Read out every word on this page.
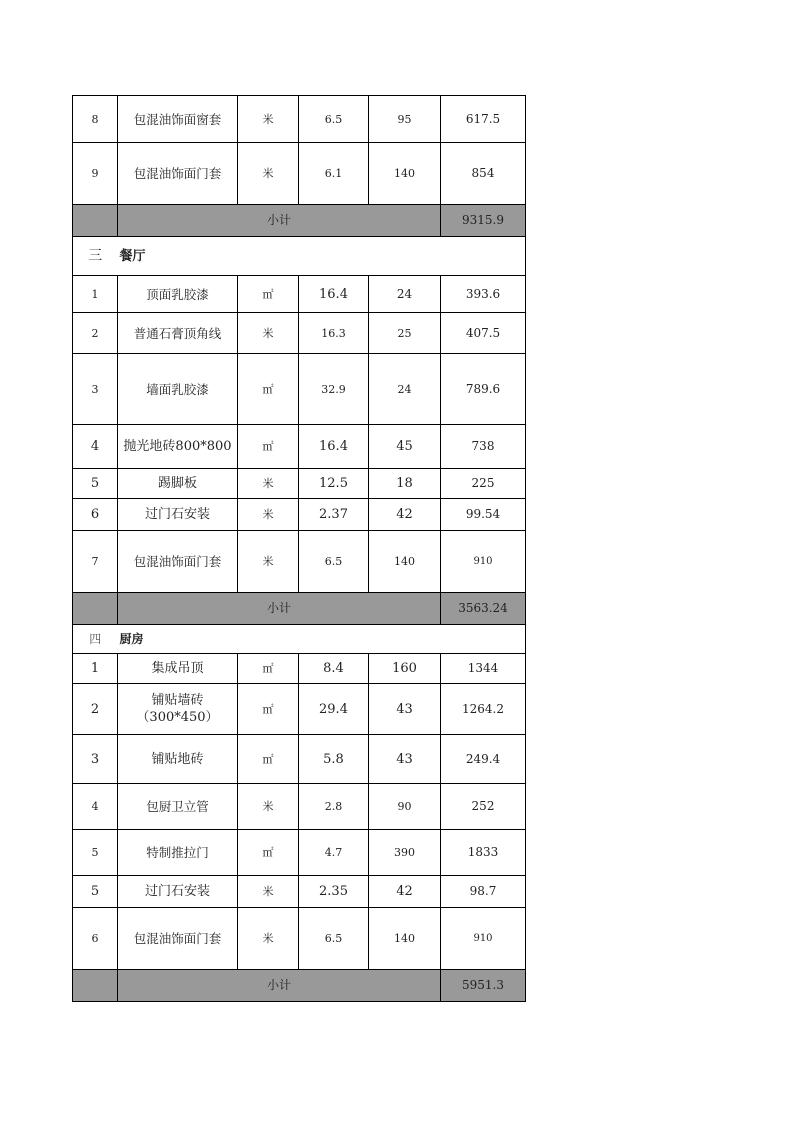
8	包混油饰面窗套	米	6.5	95	617.5
9	包混油饰面门套	米	6.1	140	854
	小计				9315.9
三	餐厅				
1	顶面乳胶漆	㎡	16.4	24	393.6
2	普通石膏顶角线	米	16.3	25	407.5
3	墙面乳胶漆	㎡	32.9	24	789.6
4	抛光地砖800*800	㎡	16.4	45	738
5	踢脚板	米	12.5	18	225
6	过门石安装	米	2.37	42	99.54
7	包混油饰面门套	米	6.5	140	910
	小计				3563.24
四	厨房				
1	集成吊顶	㎡	8.4	160	1344
2	铺贴墙砖（300*450）	㎡	29.4	43	1264.2
3	铺贴地砖	㎡	5.8	43	249.4
4	包厨卫立管	米	2.8	90	252
5	特制推拉门	㎡	4.7	390	1833
5	过门石安装	米	2.35	42	98.7
6	包混油饰面门套	米	6.5	140	910
	小计				5951.3
